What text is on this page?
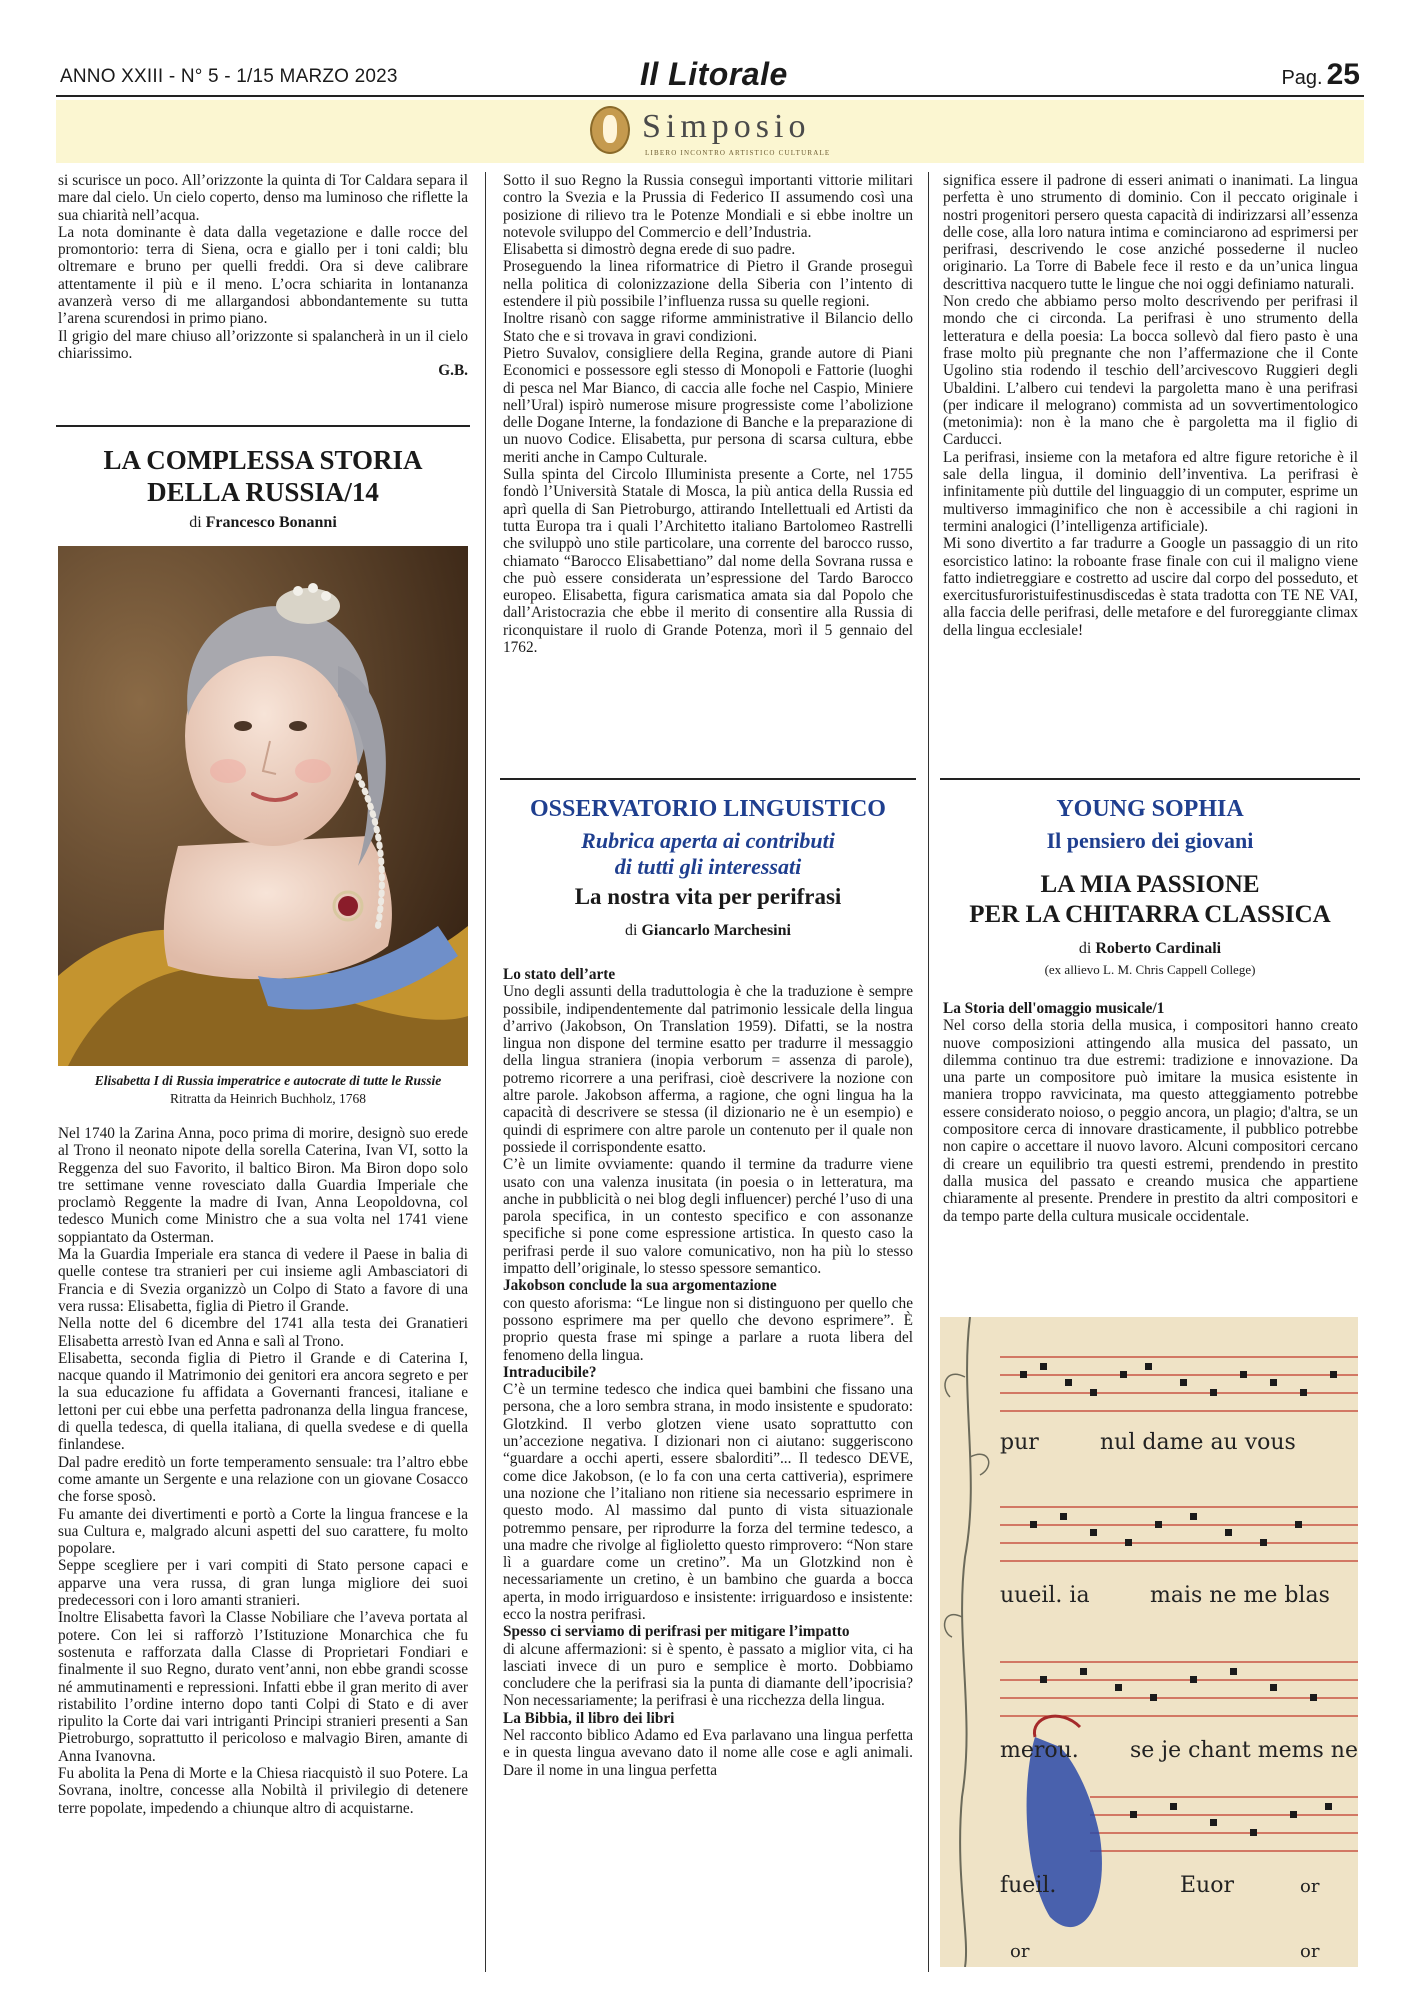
ANNO XXIII - N° 5 - 1/15 MARZO 2023	Il Litorale	Pag. 25
Simposio
LIBERO INCONTRO ARTISTICO CULTURALE

si scurisce un poco. All’orizzonte la quinta di Tor Caldara separa il mare dal cielo. Un cielo coperto, denso ma luminoso che riflette la sua chiarità nell’acqua.

La nota dominante è data dalla vegetazione e dalle rocce del promontorio: terra di Siena, ocra e giallo per i toni caldi; blu oltremare e bruno per quelli freddi. Ora si deve calibrare attentamente il più e il meno. L’ocra schiarita in lontananza avanzerà verso di me allargandosi abbondantemente su tutta l’arena scurendosi in primo piano.

Il grigio del mare chiuso all’orizzonte si spalancherà in un il cielo chiarissimo.

G.B.

LA COMPLESSA STORIA
DELLA RUSSIA/14
di Francesco Bonanni
Elisabetta I di Russia imperatrice e autocrate di tutte le Russie
Ritratta da Heinrich Buchholz, 1768

Nel 1740 la Zarina Anna, poco prima di morire, designò suo erede al Trono il neonato nipote della sorella Caterina, Ivan VI, sotto la Reggenza del suo Favorito, il baltico Biron. Ma Biron dopo solo tre settimane venne rovesciato dalla Guardia Imperiale che proclamò Reggente la madre di Ivan, Anna Leopoldovna, col tedesco Munich come Ministro che a sua volta nel 1741 viene soppiantato da Osterman.

Ma la Guardia Imperiale era stanca di vedere il Paese in balia di quelle contese tra stranieri per cui insieme agli Ambasciatori di Francia e di Svezia organizzò un Colpo di Stato a favore di una vera russa: Elisabetta, figlia di Pietro il Grande.

Nella notte del 6 dicembre del 1741 alla testa dei Granatieri Elisabetta arrestò Ivan ed Anna e salì al Trono.

Elisabetta, seconda figlia di Pietro il Grande e di Caterina I, nacque quando il Matrimonio dei genitori era ancora segreto e per la sua educazione fu affidata a Governanti francesi, italiane e lettoni per cui ebbe una perfetta padronanza della lingua francese, di quella tedesca, di quella italiana, di quella svedese e di quella finlandese.

Dal padre ereditò un forte temperamento sensuale: tra l’altro ebbe come amante un Sergente e una relazione con un giovane Cosacco che forse sposò.

Fu amante dei divertimenti e portò a Corte la lingua francese e la sua Cultura e, malgrado alcuni aspetti del suo carattere, fu molto popolare.

Seppe scegliere per i vari compiti di Stato persone capaci e apparve una vera russa, di gran lunga migliore dei suoi predecessori con i loro amanti stranieri.

Inoltre Elisabetta favorì la Classe Nobiliare che l’aveva portata al potere. Con lei si rafforzò l’Istituzione Monarchica che fu sostenuta e rafforzata dalla Classe di Proprietari Fondiari e finalmente il suo Regno, durato vent’anni, non ebbe grandi scosse né ammutinamenti e repressioni. Infatti ebbe il gran merito di aver ristabilito l’ordine interno dopo tanti Colpi di Stato e di aver ripulito la Corte dai vari intriganti Principi stranieri presenti a San Pietroburgo, soprattutto il pericoloso e malvagio Biren, amante di Anna Ivanovna.

Fu abolita la Pena di Morte e la Chiesa riacquistò il suo Potere. La Sovrana, inoltre, concesse alla Nobiltà il privilegio di detenere terre popolate, impedendo a chiunque altro di acquistarne.

Sotto il suo Regno la Russia conseguì importanti vittorie militari contro la Svezia e la Prussia di Federico II assumendo così una posizione di rilievo tra le Potenze Mondiali e si ebbe inoltre un notevole sviluppo del Commercio e dell’Industria.

Elisabetta si dimostrò degna erede di suo padre.

Proseguendo la linea riformatrice di Pietro il Grande proseguì nella politica di colonizzazione della Siberia con l’intento di estendere il più possibile l’influenza russa su quelle regioni.

Inoltre risanò con sagge riforme amministrative il Bilancio dello Stato che e si trovava in gravi condizioni.

Pietro Suvalov, consigliere della Regina, grande autore di Piani Economici e possessore egli stesso di Monopoli e Fattorie (luoghi di pesca nel Mar Bianco, di caccia alle foche nel Caspio, Miniere nell’Ural) ispirò numerose misure progressiste come l’abolizione delle Dogane Interne, la fondazione di Banche e la preparazione di un nuovo Codice. Elisabetta, pur persona di scarsa cultura, ebbe meriti anche in Campo Culturale.

Sulla spinta del Circolo Illuminista presente a Corte, nel 1755 fondò l’Università Statale di Mosca, la più antica della Russia ed aprì quella di San Pietroburgo, attirando Intellettuali ed Artisti da tutta Europa tra i quali l’Architetto italiano Bartolomeo Rastrelli che sviluppò uno stile particolare, una corrente del barocco russo, chiamato “Barocco Elisabettiano” dal nome della Sovrana russa e che può essere considerata un’espressione del Tardo Barocco europeo. Elisabetta, figura carismatica amata sia dal Popolo che dall’Aristocrazia che ebbe il merito di consentire alla Russia di riconquistare il ruolo di Grande Potenza, morì il 5 gennaio del 1762.

significa essere il padrone di esseri animati o inanimati. La lingua perfetta è uno strumento di dominio. Con il peccato originale i nostri progenitori persero questa capacità di indirizzarsi all’essenza delle cose, alla loro natura intima e cominciarono ad esprimersi per perifrasi, descrivendo le cose anziché possederne il nucleo originario. La Torre di Babele fece il resto e da un’unica lingua descrittiva nacquero tutte le lingue che noi oggi definiamo naturali.

Non credo che abbiamo perso molto descrivendo per perifrasi il mondo che ci circonda. La perifrasi è uno strumento della letteratura e della poesia: La bocca sollevò dal fiero pasto è una frase molto più pregnante che non l’affermazione che il Conte Ugolino stia rodendo il teschio dell’arcivescovo Ruggieri degli Ubaldini. L’albero cui tendevi la pargoletta mano è una perifrasi (per indicare il melograno) commista ad un sovvertimentologico (metonimia): non è la mano che è pargoletta ma il figlio di Carducci.

La perifrasi, insieme con la metafora ed altre figure retoriche è il sale della lingua, il dominio dell’inventiva. La perifrasi è infinitamente più duttile del linguaggio di un computer, esprime un multiverso immaginifico che non è accessibile a chi ragioni in termini analogici (l’intelligenza artificiale).

Mi sono divertito a far tradurre a Google un passaggio di un rito esorcistico latino: la roboante frase finale con cui il maligno viene fatto indietreggiare e costretto ad uscire dal corpo del posseduto, et exercitusfuroristuifestinusdiscedas è stata tradotta con TE NE VAI, alla faccia delle perifrasi, delle metafore e del furoreggiante climax della lingua ecclesiale!

OSSERVATORIO LINGUISTICO
Rubrica aperta ai contributi
di tutti gli interessati
La nostra vita per perifrasi
di Giancarlo Marchesini

Lo stato dell’arte

Uno degli assunti della traduttologia è che la traduzione è sempre possibile, indipendentemente dal patrimonio lessicale della lingua d’arrivo (Jakobson, On Translation 1959). Difatti, se la nostra lingua non dispone del termine esatto per tradurre il messaggio della lingua straniera (inopia verborum = assenza di parole), potremo ricorrere a una perifrasi, cioè descrivere la nozione con altre parole. Jakobson afferma, a ragione, che ogni lingua ha la capacità di descrivere se stessa (il dizionario ne è un esempio) e quindi di esprimere con altre parole un contenuto per il quale non possiede il corrispondente esatto.

C’è un limite ovviamente: quando il termine da tradurre viene usato con una valenza inusitata (in poesia o in letteratura, ma anche in pubblicità o nei blog degli influencer) perché l’uso di una parola specifica, in un contesto specifico e con assonanze specifiche si pone come espressione artistica. In questo caso la perifrasi perde il suo valore comunicativo, non ha più lo stesso impatto dell’originale, lo stesso spessore semantico.

Jakobson conclude la sua argomentazione

con questo aforisma: “Le lingue non si distinguono per quello che possono esprimere ma per quello che devono esprimere”. È proprio questa frase mi spinge a parlare a ruota libera del fenomeno della lingua.

Intraducibile?

C’è un termine tedesco che indica quei bambini che fissano una persona, che a loro sembra strana, in modo insistente e spudorato: Glotzkind. Il verbo glotzen viene usato soprattutto con un’accezione negativa. I dizionari non ci aiutano: suggeriscono “guardare a occhi aperti, essere sbalorditi”... Il tedesco DEVE, come dice Jakobson, (e lo fa con una certa cattiveria), esprimere una nozione che l’italiano non ritiene sia necessario esprimere in questo modo. Al massimo dal punto di vista situazionale potremmo pensare, per riprodurre la forza del termine tedesco, a una madre che rivolge al figlioletto questo rimprovero: “Non stare lì a guardare come un cretino”. Ma un Glotzkind non è necessariamente un cretino, è un bambino che guarda a bocca aperta, in modo irriguardoso e insistente: irriguardoso e insistente: ecco la nostra perifrasi.

Spesso ci serviamo di perifrasi per mitigare l’impatto

di alcune affermazioni: si è spento, è passato a miglior vita, ci ha lasciati invece di un puro e semplice è morto. Dobbiamo concludere che la perifrasi sia la punta di diamante dell’ipocrisia? Non necessariamente; la perifrasi è una ricchezza della lingua.

La Bibbia, il libro dei libri

Nel racconto biblico Adamo ed Eva parlavano una lingua perfetta e in questa lingua avevano dato il nome alle cose e agli animali. Dare il nome in una lingua perfetta

YOUNG SOPHIA
Il pensiero dei giovani
LA MIA PASSIONE
PER LA CHITARRA CLASSICA
di Roberto Cardinali
(ex allievo L. M. Chris Cappell College)

La Storia dell'omaggio musicale/1

Nel corso della storia della musica, i compositori hanno creato nuove composizioni attingendo alla musica del passato, un dilemma continuo tra due estremi: tradizione e innovazione. Da una parte un compositore può imitare la musica esistente in maniera troppo ravvicinata, ma questo atteggiamento potrebbe essere considerato noioso, o peggio ancora, un plagio; d'altra, se un compositore cerca di innovare drasticamente, il pubblico potrebbe non capire o accettare il nuovo lavoro. Alcuni compositori cercano di creare un equilibrio tra questi estremi, prendendo in prestito dalla musica del passato e creando musica che appartiene chiaramente al presente. Prendere in prestito da altri compositori e da tempo parte della cultura musicale occidentale.

pur	nul dame au vous
uueil. ia	mais ne me blas
merou. se je chant mems ne
fueil.	Euor	or
or	or
